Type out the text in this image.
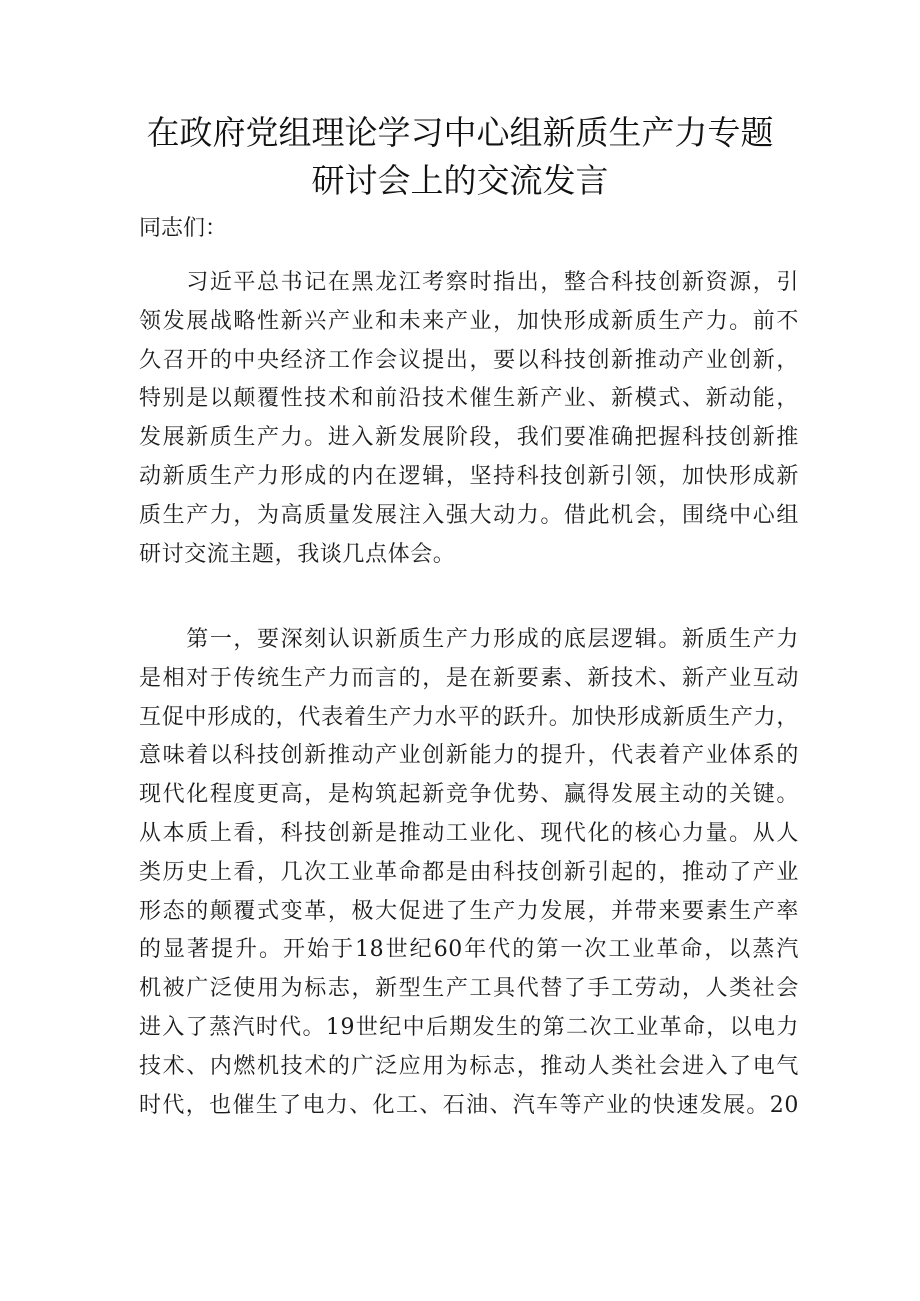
在政府党组理论学习中心组新质生产力专题
研讨会上的交流发言

同志们：

　　习近平总书记在黑龙江考察时指出，整合科技创新资源，引
领发展战略性新兴产业和未来产业，加快形成新质生产力。前不
久召开的中央经济工作会议提出，要以科技创新推动产业创新，
特别是以颠覆性技术和前沿技术催生新产业、新模式、新动能，
发展新质生产力。进入新发展阶段，我们要准确把握科技创新推
动新质生产力形成的内在逻辑，坚持科技创新引领，加快形成新
质生产力，为高质量发展注入强大动力。借此机会，围绕中心组
研讨交流主题，我谈几点体会。
　　第一，要深刻认识新质生产力形成的底层逻辑。新质生产力
是相对于传统生产力而言的，是在新要素、新技术、新产业互动
互促中形成的，代表着生产力水平的跃升。加快形成新质生产力，
意味着以科技创新推动产业创新能力的提升，代表着产业体系的
现代化程度更高，是构筑起新竞争优势、赢得发展主动的关键。
从本质上看，科技创新是推动工业化、现代化的核心力量。从人
类历史上看，几次工业革命都是由科技创新引起的，推动了产业
形态的颠覆式变革，极大促进了生产力发展，并带来要素生产率
的显著提升。开始于18世纪60年代的第一次工业革命，以蒸汽
机被广泛使用为标志，新型生产工具代替了手工劳动，人类社会
进入了蒸汽时代。19世纪中后期发生的第二次工业革命，以电力
技术、内燃机技术的广泛应用为标志，推动人类社会进入了电气
时代，也催生了电力、化工、石油、汽车等产业的快速发展。20
